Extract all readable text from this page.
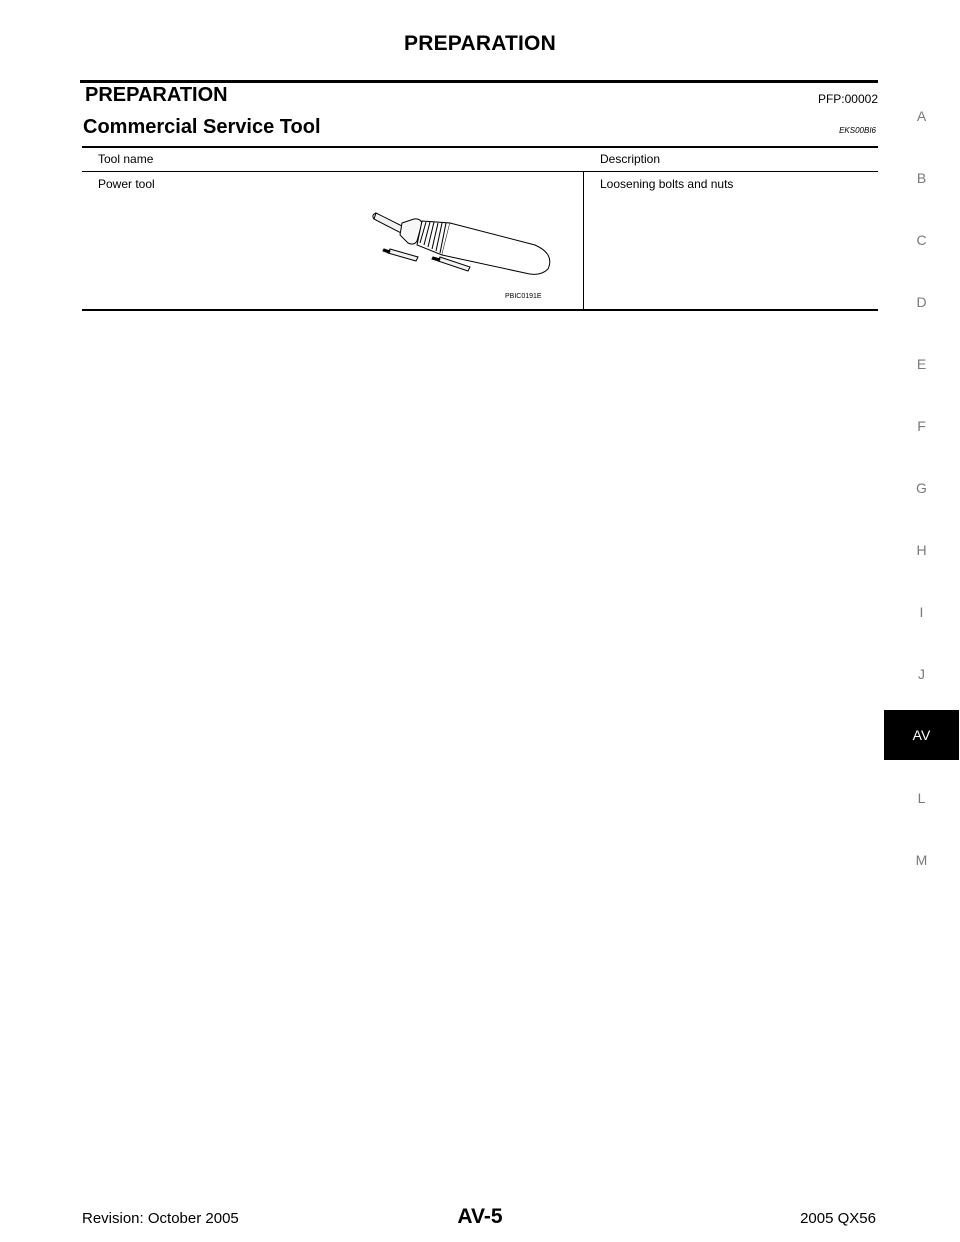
PREPARATION
PREPARATION	PFP:00002
Commercial Service Tool	EKS00BI6
Tool name	Description
Power tool	Loosening bolts and nuts
PBIC0191E
A
B
C
D
E
F
G
H
I
J
AV
L
M
Revision: October 2005	AV-5	2005 QX56
